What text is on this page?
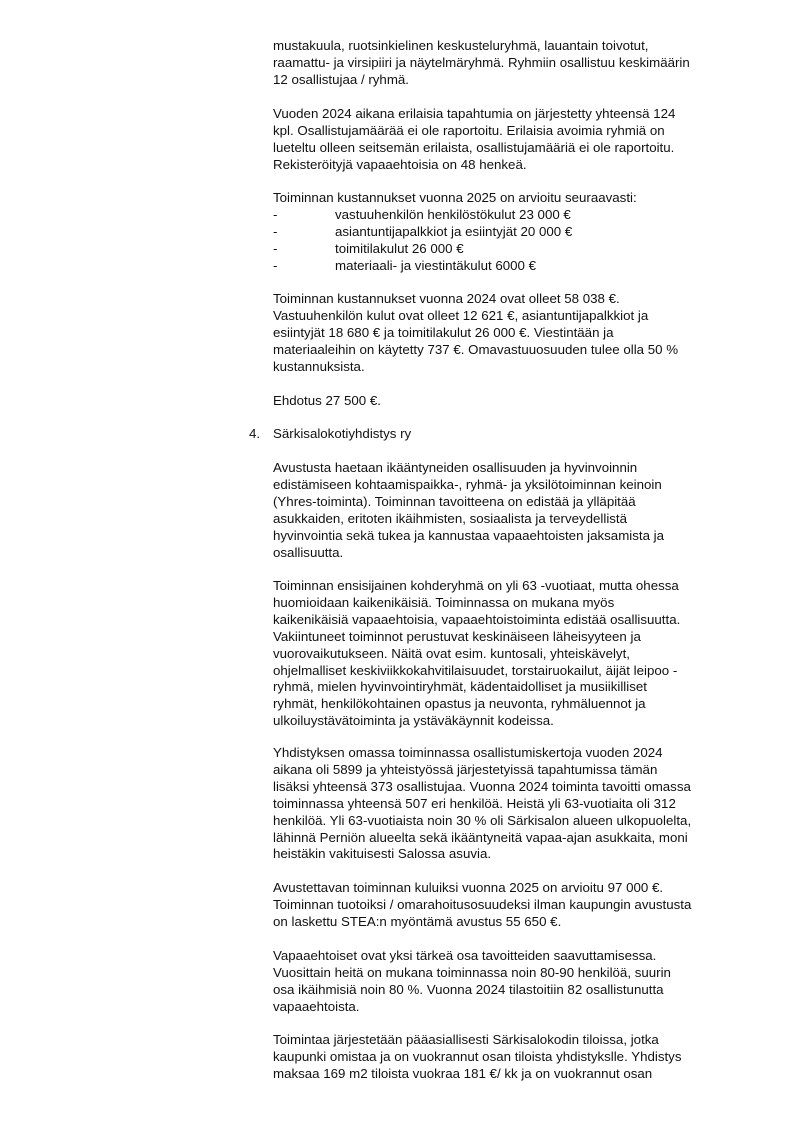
mustakuula, ruotsinkielinen keskusteluryhmä, lauantain toivotut,
raamattu- ja virsipiiri ja näytelmäryhmä. Ryhmiin osallistuu keskimäärin
12 osallistujaa / ryhmä.

Vuoden 2024 aikana erilaisia tapahtumia on järjestetty yhteensä 124
kpl. Osallistujamäärää ei ole raportoitu. Erilaisia avoimia ryhmiä on
lueteltu olleen seitsemän erilaista, osallistujamääriä ei ole raportoitu.
Rekisteröityjä vapaaehtoisia on 48 henkeä.

Toiminnan kustannukset vuonna 2025 on arvioitu seuraavasti:
-	vastuuhenkilön henkilöstökulut 23 000 €
-	asiantuntijapalkkiot ja esiintyjät 20 000 €
-	toimitilakulut 26 000 €
-	materiaali- ja viestintäkulut 6000 €

Toiminnan kustannukset vuonna 2024 ovat olleet 58 038 €.
Vastuuhenkilön kulut ovat olleet 12 621 €, asiantuntijapalkkiot ja
esiintyjät 18 680 € ja toimitilakulut 26 000 €. Viestintään ja
materiaaleihin on käytetty 737 €. Omavastuuosuuden tulee olla 50 %
kustannuksista.

Ehdotus 27 500 €.
4. Särkisalokotiyhdistys ry

Avustusta haetaan ikääntyneiden osallisuuden ja hyvinvoinnin
edistämiseen kohtaamispaikka-, ryhmä- ja yksilötoiminnan keinoin
(Yhres-toiminta). Toiminnan tavoitteena on edistää ja ylläpitää
asukkaiden, eritoten ikäihmisten, sosiaalista ja terveydellistä
hyvinvointia sekä tukea ja kannustaa vapaaehtoisten jaksamista ja
osallisuutta.

Toiminnan ensisijainen kohderyhmä on yli 63 -vuotiaat, mutta ohessa
huomioidaan kaikenikäisiä. Toiminnassa on mukana myös
kaikenikäisiä vapaaehtoisia, vapaaehtoistoiminta edistää osallisuutta.
Vakiintuneet toiminnot perustuvat keskinäiseen läheisyyteen ja
vuorovaikutukseen. Näitä ovat esim. kuntosali, yhteiskävelyt,
ohjelmalliset keskiviikkokahvitilaisuudet, torstairuokailut, äijät leipoo -
ryhmä, mielen hyvinvointiryhmät, kädentaidolliset ja musiikilliset
ryhmät, henkilökohtainen opastus ja neuvonta, ryhmäluennot ja
ulkoiluystävätoiminta ja ystäväkäynnit kodeissa.

Yhdistyksen omassa toiminnassa osallistumiskertoja vuoden 2024
aikana oli 5899 ja yhteistyössä järjestetyissä tapahtumissa tämän
lisäksi yhteensä 373 osallistujaa. Vuonna 2024 toiminta tavoitti omassa
toiminnassa yhteensä 507 eri henkilöä. Heistä yli 63-vuotiaita oli 312
henkilöä. Yli 63-vuotiaista noin 30 % oli Särkisalon alueen ulkopuolelta,
lähinnä Perniön alueelta sekä ikääntyneitä vapaa-ajan asukkaita, moni
heistäkin vakituisesti Salossa asuvia.

Avustettavan toiminnan kuluiksi vuonna 2025 on arvioitu 97 000 €.
Toiminnan tuotoiksi / omarahoitusosuudeksi ilman kaupungin avustusta
on laskettu STEA:n myöntämä avustus 55 650 €.

Vapaaehtoiset ovat yksi tärkeä osa tavoitteiden saavuttamisessa.
Vuosittain heitä on mukana toiminnassa noin 80-90 henkilöä, suurin
osa ikäihmisiä noin 80 %. Vuonna 2024 tilastoitiin 82 osallistunutta
vapaaehtoista.

Toimintaa järjestetään pääasiallisesti Särkisalokodin tiloissa, jotka
kaupunki omistaa ja on vuokrannut osan tiloista yhdistykslle. Yhdistys
maksaa 169 m2 tiloista vuokraa 181 €/ kk ja on vuokrannut osan
